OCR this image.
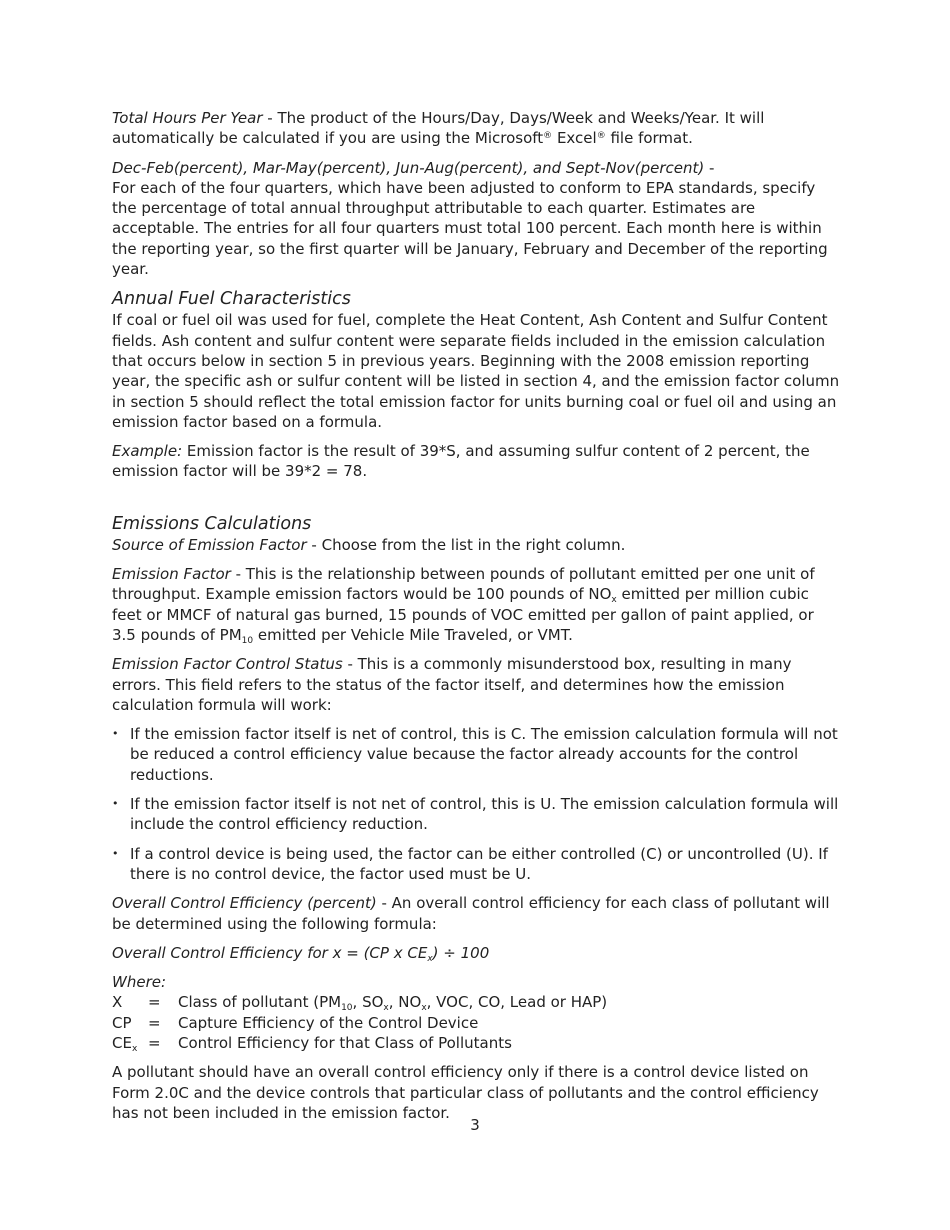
Total Hours Per Year - The product of the Hours/Day, Days/Week and Weeks/Year. It will automatically be calculated if you are using the Microsoft® Excel® file format.

Dec-Feb(percent), Mar-May(percent), Jun-Aug(percent), and Sept-Nov(percent) -
For each of the four quarters, which have been adjusted to conform to EPA standards, specify the percentage of total annual throughput attributable to each quarter. Estimates are acceptable. The entries for all four quarters must total 100 percent. Each month here is within the reporting year, so the first quarter will be January, February and December of the reporting year.

Annual Fuel Characteristics

If coal or fuel oil was used for fuel, complete the Heat Content, Ash Content and Sulfur Content fields. Ash content and sulfur content were separate fields included in the emission calculation that occurs below in section 5 in previous years. Beginning with the 2008 emission reporting year, the specific ash or sulfur content will be listed in section 4, and the emission factor column in section 5 should reflect the total emission factor for units burning coal or fuel oil and using an emission factor based on a formula.

Example: Emission factor is the result of 39*S, and assuming sulfur content of 2 percent, the emission factor will be 39*2 = 78.

Emissions Calculations

Source of Emission Factor - Choose from the list in the right column.

Emission Factor - This is the relationship between pounds of pollutant emitted per one unit of throughput. Example emission factors would be 100 pounds of $NO_x$ emitted per million cubic feet or MMCF of natural gas burned, 15 pounds of VOC emitted per gallon of paint applied, or 3.5 pounds of $PM_{10}$ emitted per Vehicle Mile Traveled, or VMT.

Emission Factor Control Status - This is a commonly misunderstood box, resulting in many errors. This field refers to the status of the factor itself, and determines how the emission calculation formula will work:

• If the emission factor itself is net of control, this is C. The emission calculation formula will not be reduced a control efficiency value because the factor already accounts for the control reductions.
• If the emission factor itself is not net of control, this is U. The emission calculation formula will include the control efficiency reduction.
• If a control device is being used, the factor can be either controlled (C) or uncontrolled (U). If there is no control device, the factor used must be U.

Overall Control Efficiency (percent) - An overall control efficiency for each class of pollutant will be determined using the following formula:

Overall Control Efficiency for x = (CP x $CE_x) \div 100$

Where:
X	=	Class of pollutant ($PM_{10}$, $SO_x$, $NO_x$, VOC, CO, Lead or HAP)
CP	=	Capture Efficiency of the Control Device
$CE_x$ =	Control Efficiency for that Class of Pollutants

A pollutant should have an overall control efficiency only if there is a control device listed on Form 2.0C and the device controls that particular class of pollutants and the control efficiency has not been included in the emission factor.

3
